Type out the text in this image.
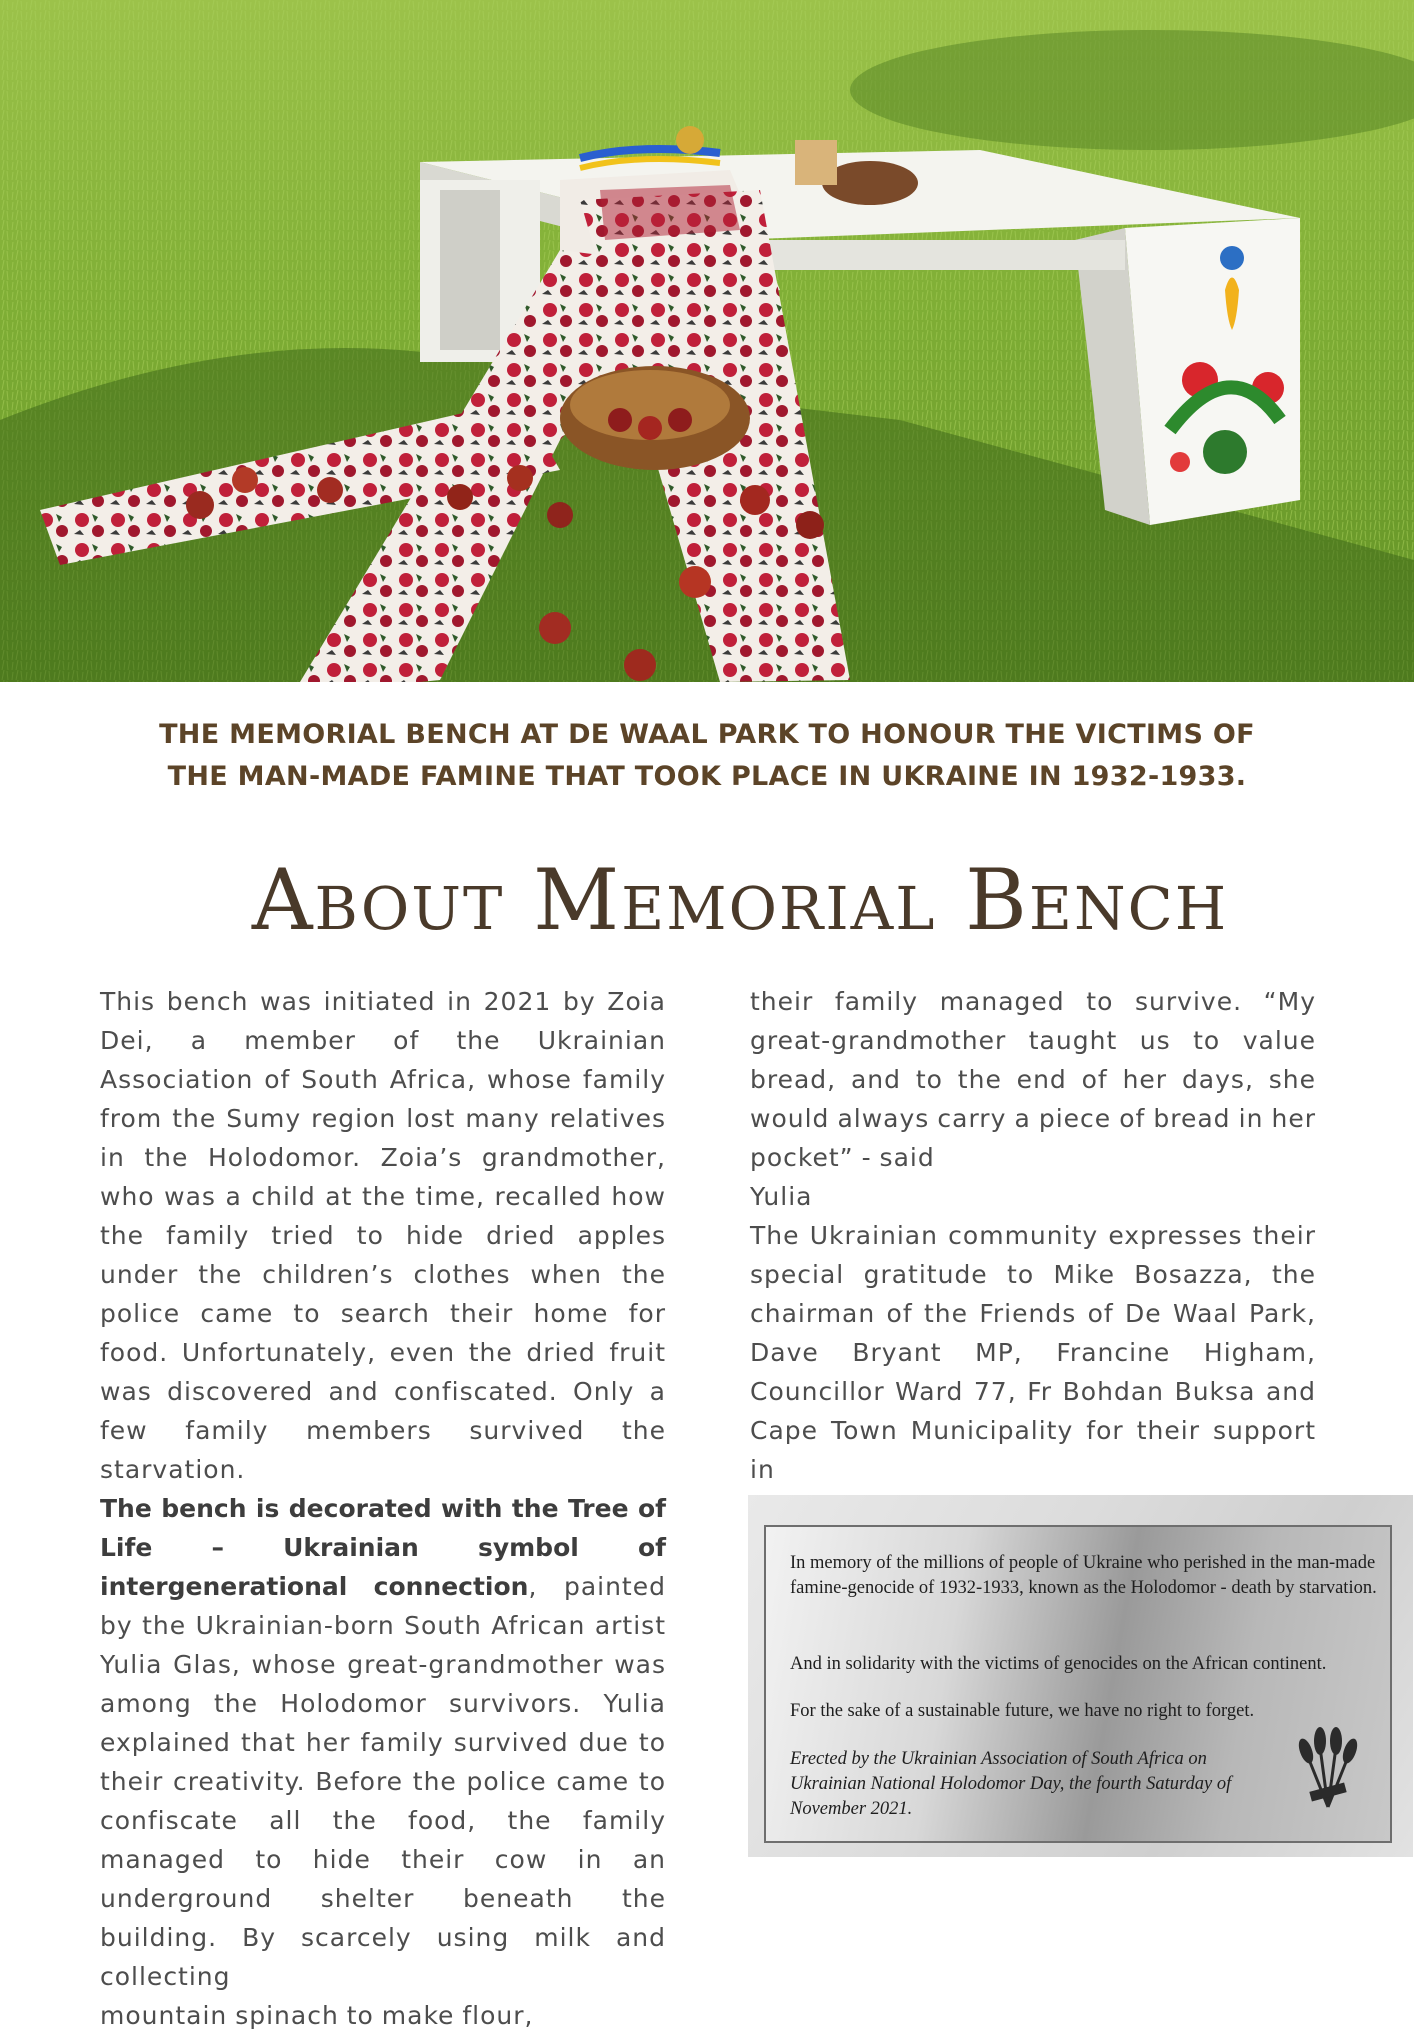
THE MEMORIAL BENCH AT DE WAAL PARK TO HONOUR THE VICTIMS OF
THE MAN-MADE FAMINE THAT TOOK PLACE IN UKRAINE IN 1932-1933.
About Memorial Bench

This bench was initiated in 2021 by Zoia Dei, a member of the Ukrainian Association of South Africa, whose family from the Sumy region lost many relatives in the Holodomor. Zoia’s grandmother, who was a child at the time, recalled how the family tried to hide dried apples under the children’s clothes when the police came to search their home for food. Unfortunately, even the dried fruit was discovered and confiscated. Only a few family members survived the starvation.

The bench is decorated with the Tree of Life – Ukrainian symbol of intergenerational connection, painted by the Ukrainian-born South African artist Yulia Glas, whose great-grandmother was among the Holodomor survivors. Yulia explained that her family survived due to their creativity. Before the police came to confiscate all the food, the family managed to hide their cow in an underground shelter beneath the building. By scarcely using milk and collecting

mountain spinach to make flour,

their family managed to survive. “My great-grandmother taught us to value bread, and to the end of her days, she would always carry a piece of bread in her pocket” - said

Yulia

The Ukrainian community expresses their special gratitude to Mike Bosazza, the chairman of the Friends of De Waal Park, Dave Bryant MP, Francine Higham, Councillor Ward 77, Fr Bohdan Buksa and Cape Town Municipality for their support in

In memory of the millions of people of Ukraine who perished in the man-made famine-genocide of 1932-1933, known as the Holodomor - death by starvation.

And in solidarity with the victims of genocides on the African continent.

For the sake of a sustainable future, we have no right to forget.

Erected by the Ukrainian Association of South Africa on Ukrainian National Holodomor Day, the fourth Saturday of November 2021.
